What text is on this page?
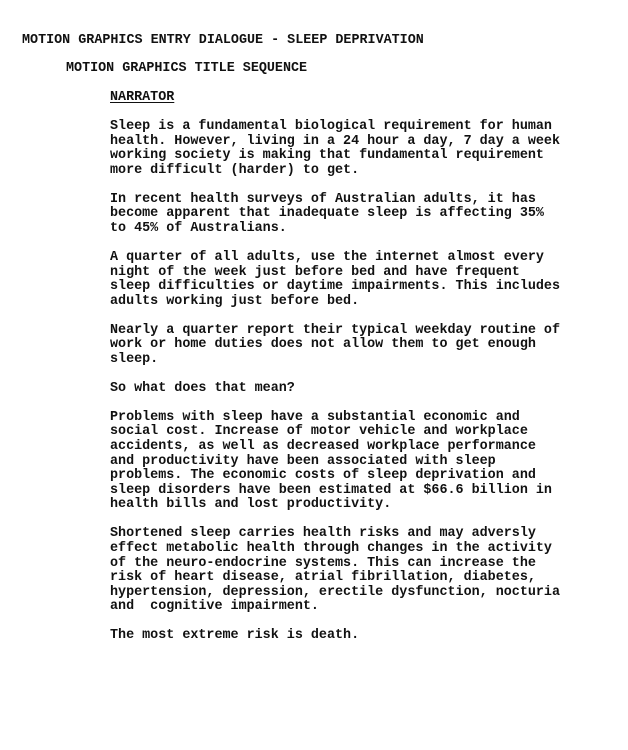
MOTION GRAPHICS ENTRY DIALOGUE - SLEEP DEPRIVATION

MOTION GRAPHICS TITLE SEQUENCE

NARRATOR

Sleep is a fundamental biological requirement for human
health. However, living in a 24 hour a day, 7 day a week
working society is making that fundamental requirement
more difficult (harder) to get.

In recent health surveys of Australian adults, it has
become apparent that inadequate sleep is affecting 35%
to 45% of Australians.

A quarter of all adults, use the internet almost every
night of the week just before bed and have frequent
sleep difficulties or daytime impairments. This includes
adults working just before bed.

Nearly a quarter report their typical weekday routine of
work or home duties does not allow them to get enough
sleep.

So what does that mean?

Problems with sleep have a substantial economic and
social cost. Increase of motor vehicle and workplace
accidents, as well as decreased workplace performance
and productivity have been associated with sleep
problems. The economic costs of sleep deprivation and
sleep disorders have been estimated at $66.6 billion in
health bills and lost productivity.

Shortened sleep carries health risks and may adversly
effect metabolic health through changes in the activity
of the neuro-endocrine systems. This can increase the
risk of heart disease, atrial fibrillation, diabetes,
hypertension, depression, erectile dysfunction, nocturia
and  cognitive impairment.

The most extreme risk is death.
